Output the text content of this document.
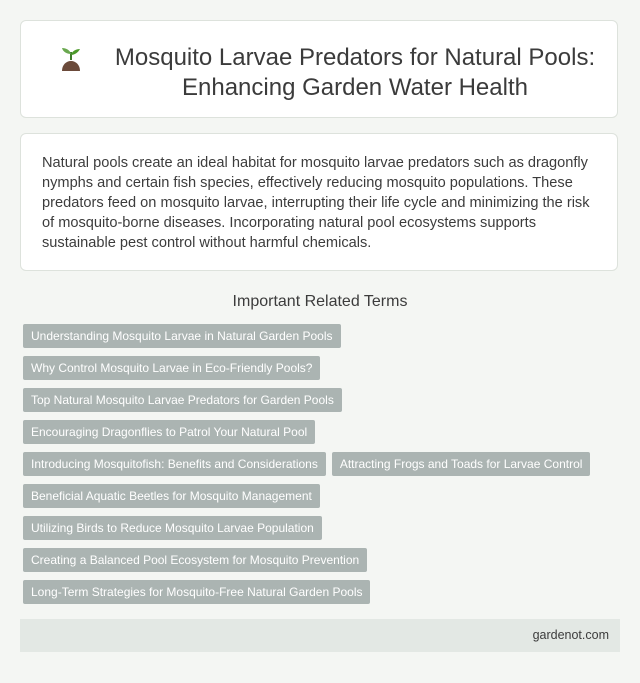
Mosquito Larvae Predators for Natural Pools: Enhancing Garden Water Health
Natural pools create an ideal habitat for mosquito larvae predators such as dragonfly nymphs and certain fish species, effectively reducing mosquito populations. These predators feed on mosquito larvae, interrupting their life cycle and minimizing the risk of mosquito-borne diseases. Incorporating natural pool ecosystems supports sustainable pest control without harmful chemicals.
Important Related Terms
Understanding Mosquito Larvae in Natural Garden Pools
Why Control Mosquito Larvae in Eco-Friendly Pools?
Top Natural Mosquito Larvae Predators for Garden Pools
Encouraging Dragonflies to Patrol Your Natural Pool
Introducing Mosquitofish: Benefits and Considerations	Attracting Frogs and Toads for Larvae Control
Beneficial Aquatic Beetles for Mosquito Management
Utilizing Birds to Reduce Mosquito Larvae Population
Creating a Balanced Pool Ecosystem for Mosquito Prevention
Long-Term Strategies for Mosquito-Free Natural Garden Pools
gardenot.com
